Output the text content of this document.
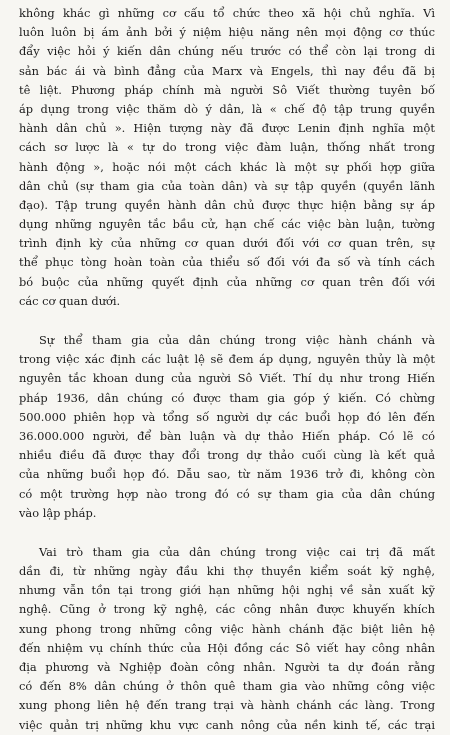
không khác gì những cơ cấu tổ chức theo xã hội chủ nghĩa. Vì
luôn luôn bị ám ảnh bởi ý niệm hiệu năng nên mọi động cơ thúc
đẩy việc hỏi ý kiến dân chúng nếu trước có thể còn lại trong di
sản bác ái và bình đẳng của Marx và Engels, thì nay đều đã bị
tê liệt. Phương pháp chính mà người Sô Viết thường tuyên bố
áp dụng trong việc thăm dò ý dân, là « chế độ tập trung quyền
hành dân chủ ». Hiện tượng này đã được Lenin định nghĩa một
cách sơ lược là « tự do trong việc đàm luận, thống nhất trong
hành động », hoặc nói một cách khác là một sự phối hợp giữa
dân chủ (sự tham gia của toàn dân) và sự tập quyền (quyền lãnh
đạo). Tập trung quyền hành dân chủ được thực hiện bằng sự áp
dụng những nguyên tắc bầu cử, hạn chế các việc bàn luận, tường
trình định kỳ của những cơ quan dưới đối với cơ quan trên, sự
thể phục tòng hoàn toàn của thiểu số đối với đa số và tính cách
bó buộc của những quyết định của những cơ quan trên đối với
các cơ quan dưới.
Sự thể tham gia của dân chúng trong việc hành chánh và
trong việc xác định các luật lệ sẽ đem áp dụng, nguyên thủy là một
nguyên tắc khoan dung của người Sô Viết. Thí dụ như trong Hiến
pháp 1936, dân chúng có được tham gia góp ý kiến. Có chừng
500.000 phiên họp và tổng số người dự các buổi họp đó lên đến
36.000.000 người, để bàn luận và dự thảo Hiến pháp. Có lẽ có
nhiều điều đã được thay đổi trong dự thảo cuối cùng là kết quả
của những buổi họp đó. Dẫu sao, từ năm 1936 trở đi, không còn
có một trường hợp nào trong đó có sự tham gia của dân chúng
vào lập pháp.
Vai trò tham gia của dân chúng trong việc cai trị đã mất
dần đi, từ những ngày đầu khi thợ thuyền kiểm soát kỹ nghệ,
nhưng vẫn tồn tại trong giới hạn những hội nghị về sản xuất kỹ
nghệ. Cũng ở trong kỹ nghệ, các công nhân được khuyến khích
xung phong trong những công việc hành chánh đặc biệt liên hệ
đến nhiệm vụ chính thức của Hội đồng các Sô viết hay công nhân
địa phương và Nghiệp đoàn công nhân. Người ta dự đoán rằng
có đến 8% dân chúng ở thôn quê tham gia vào những công việc
xung phong liên hệ đến trang trại và hành chánh các làng. Trong
việc quản trị những khu vực canh nông của nền kinh tế, các trại
